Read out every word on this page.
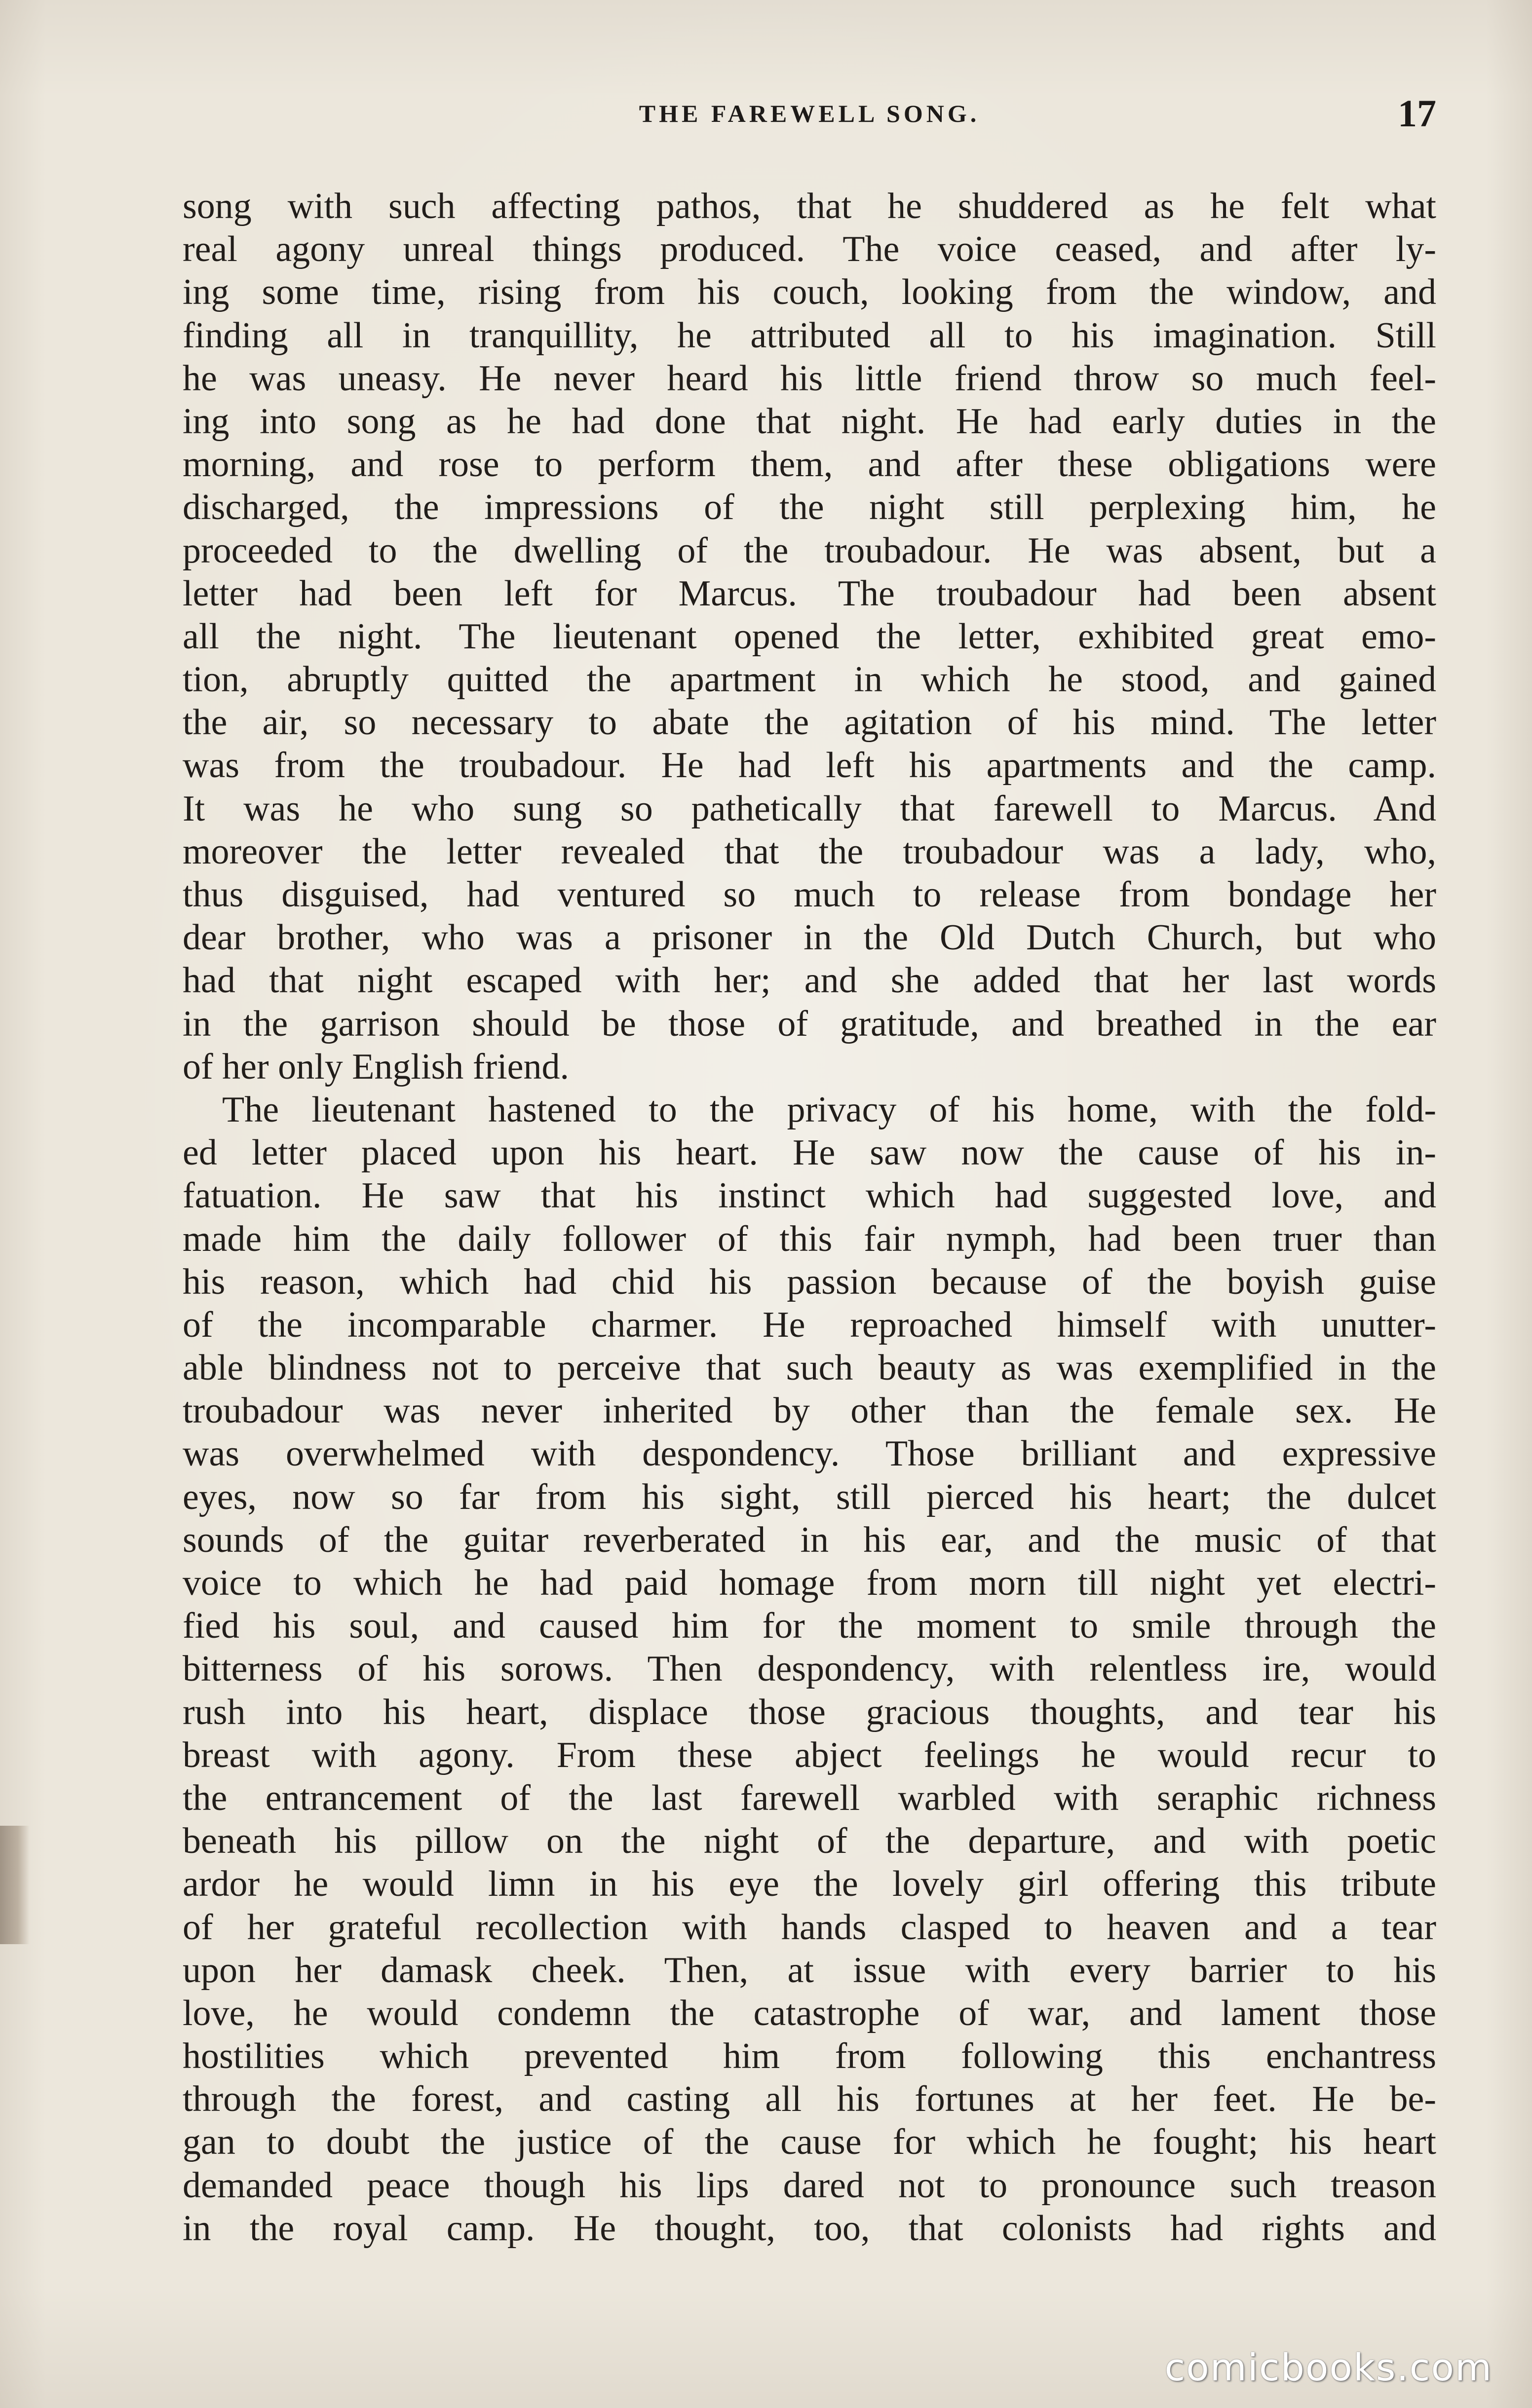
THE FAREWELL SONG.	17
song with such affecting pathos, that he shuddered as he felt what
real agony unreal things produced. The voice ceased, and after ly-
ing some time, rising from his couch, looking from the window, and
finding all in tranquillity, he attributed all to his imagination. Still
he was uneasy. He never heard his little friend throw so much feel-
ing into song as he had done that night. He had early duties in the
morning, and rose to perform them, and after these obligations were
discharged, the impressions of the night still perplexing him, he
proceeded to the dwelling of the troubadour. He was absent, but a
letter had been left for Marcus. The troubadour had been absent
all the night. The lieutenant opened the letter, exhibited great emo-
tion, abruptly quitted the apartment in which he stood, and gained
the air, so necessary to abate the agitation of his mind. The letter
was from the troubadour. He had left his apartments and the camp.
It was he who sung so pathetically that farewell to Marcus. And
moreover the letter revealed that the troubadour was a lady, who,
thus disguised, had ventured so much to release from bondage her
dear brother, who was a prisoner in the Old Dutch Church, but who
had that night escaped with her; and she added that her last words
in the garrison should be those of gratitude, and breathed in the ear
of her only English friend.
The lieutenant hastened to the privacy of his home, with the fold-
ed letter placed upon his heart. He saw now the cause of his in-
fatuation. He saw that his instinct which had suggested love, and
made him the daily follower of this fair nymph, had been truer than
his reason, which had chid his passion because of the boyish guise
of the incomparable charmer. He reproached himself with unutter-
able blindness not to perceive that such beauty as was exemplified in the
troubadour was never inherited by other than the female sex. He
was overwhelmed with despondency. Those brilliant and expressive
eyes, now so far from his sight, still pierced his heart; the dulcet
sounds of the guitar reverberated in his ear, and the music of that
voice to which he had paid homage from morn till night yet electri-
fied his soul, and caused him for the moment to smile through the
bitterness of his sorows. Then despondency, with relentless ire, would
rush into his heart, displace those gracious thoughts, and tear his
breast with agony. From these abject feelings he would recur to
the entrancement of the last farewell warbled with seraphic richness
beneath his pillow on the night of the departure, and with poetic
ardor he would limn in his eye the lovely girl offering this tribute
of her grateful recollection with hands clasped to heaven and a tear
upon her damask cheek. Then, at issue with every barrier to his
love, he would condemn the catastrophe of war, and lament those
hostilities which prevented him from following this enchantress
through the forest, and casting all his fortunes at her feet. He be-
gan to doubt the justice of the cause for which he fought; his heart
demanded peace though his lips dared not to pronounce such treason
in the royal camp. He thought, too, that colonists had rights and
comicbooks.com
